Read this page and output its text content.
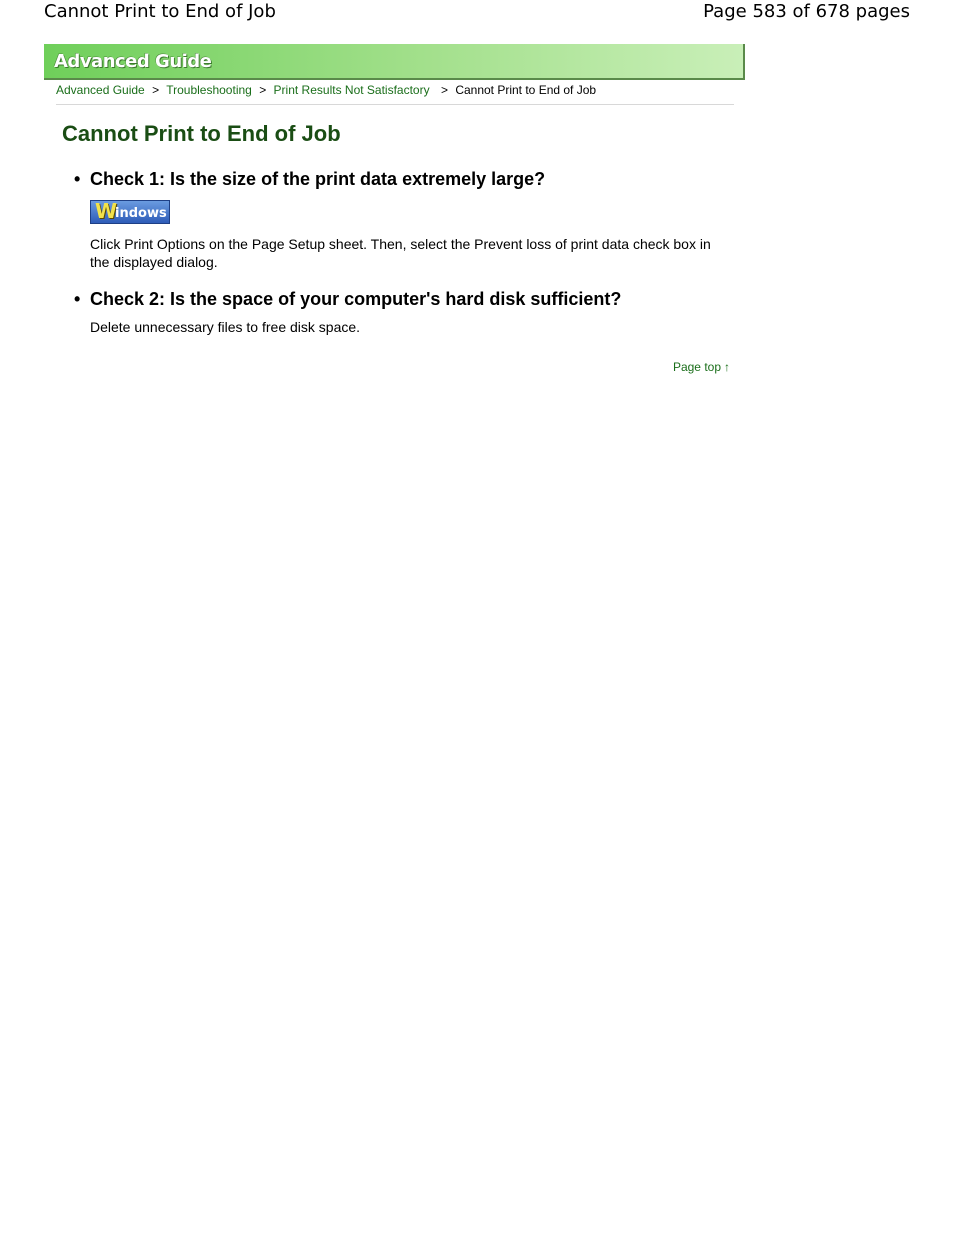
Cannot Print to End of Job	Page 583 of 678 pages
Advanced Guide
Advanced Guide > Troubleshooting > Print Results Not Satisfactory > Cannot Print to End of Job
Cannot Print to End of Job
• Check 1: Is the size of the print data extremely large?
W
indows
Click Print Options on the Page Setup sheet. Then, select the Prevent loss of print data check box in the displayed dialog.
• Check 2: Is the space of your computer's hard disk sufficient?
Delete unnecessary files to free disk space.
Page top ↑
